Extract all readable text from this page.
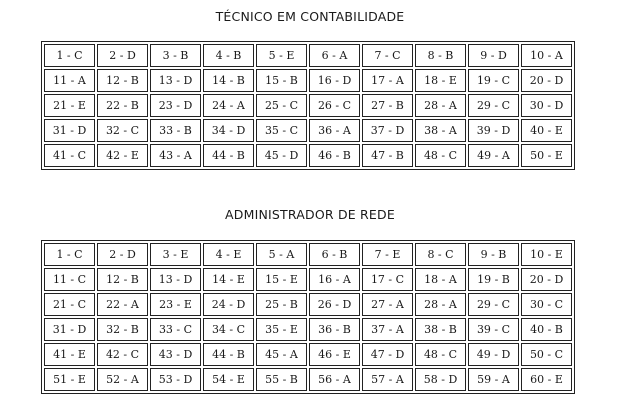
TÉCNICO EM CONTABILIDADE
1 - C	2 - D	3 - B	4 - B	5 - E	6 - A	7 - C	8 - B	9 - D	10 - A
11 - A	12 - B	13 - D	14 - B	15 - B	16 - D	17 - A	18 - E	19 - C	20 - D
21 - E	22 - B	23 - D	24 - A	25 - C	26 - C	27 - B	28 - A	29 - C	30 - D
31 - D	32 - C	33 - B	34 - D	35 - C	36 - A	37 - D	38 - A	39 - D	40 - E
41 - C	42 - E	43 - A	44 - B	45 - D	46 - B	47 - B	48 - C	49 - A	50 - E
ADMINISTRADOR DE REDE
1 - C	2 - D	3 - E	4 - E	5 - A	6 - B	7 - E	8 - C	9 - B	10 - E
11 - C	12 - B	13 - D	14 - E	15 - E	16 - A	17 - C	18 - A	19 - B	20 - D
21 - C	22 - A	23 - E	24 - D	25 - B	26 - D	27 - A	28 - A	29 - C	30 - C
31 - D	32 - B	33 - C	34 - C	35 - E	36 - B	37 - A	38 - B	39 - C	40 - B
41 - E	42 - C	43 - D	44 - B	45 - A	46 - E	47 - D	48 - C	49 - D	50 - C
51 - E	52 - A	53 - D	54 - E	55 - B	56 - A	57 - A	58 - D	59 - A	60 - E
